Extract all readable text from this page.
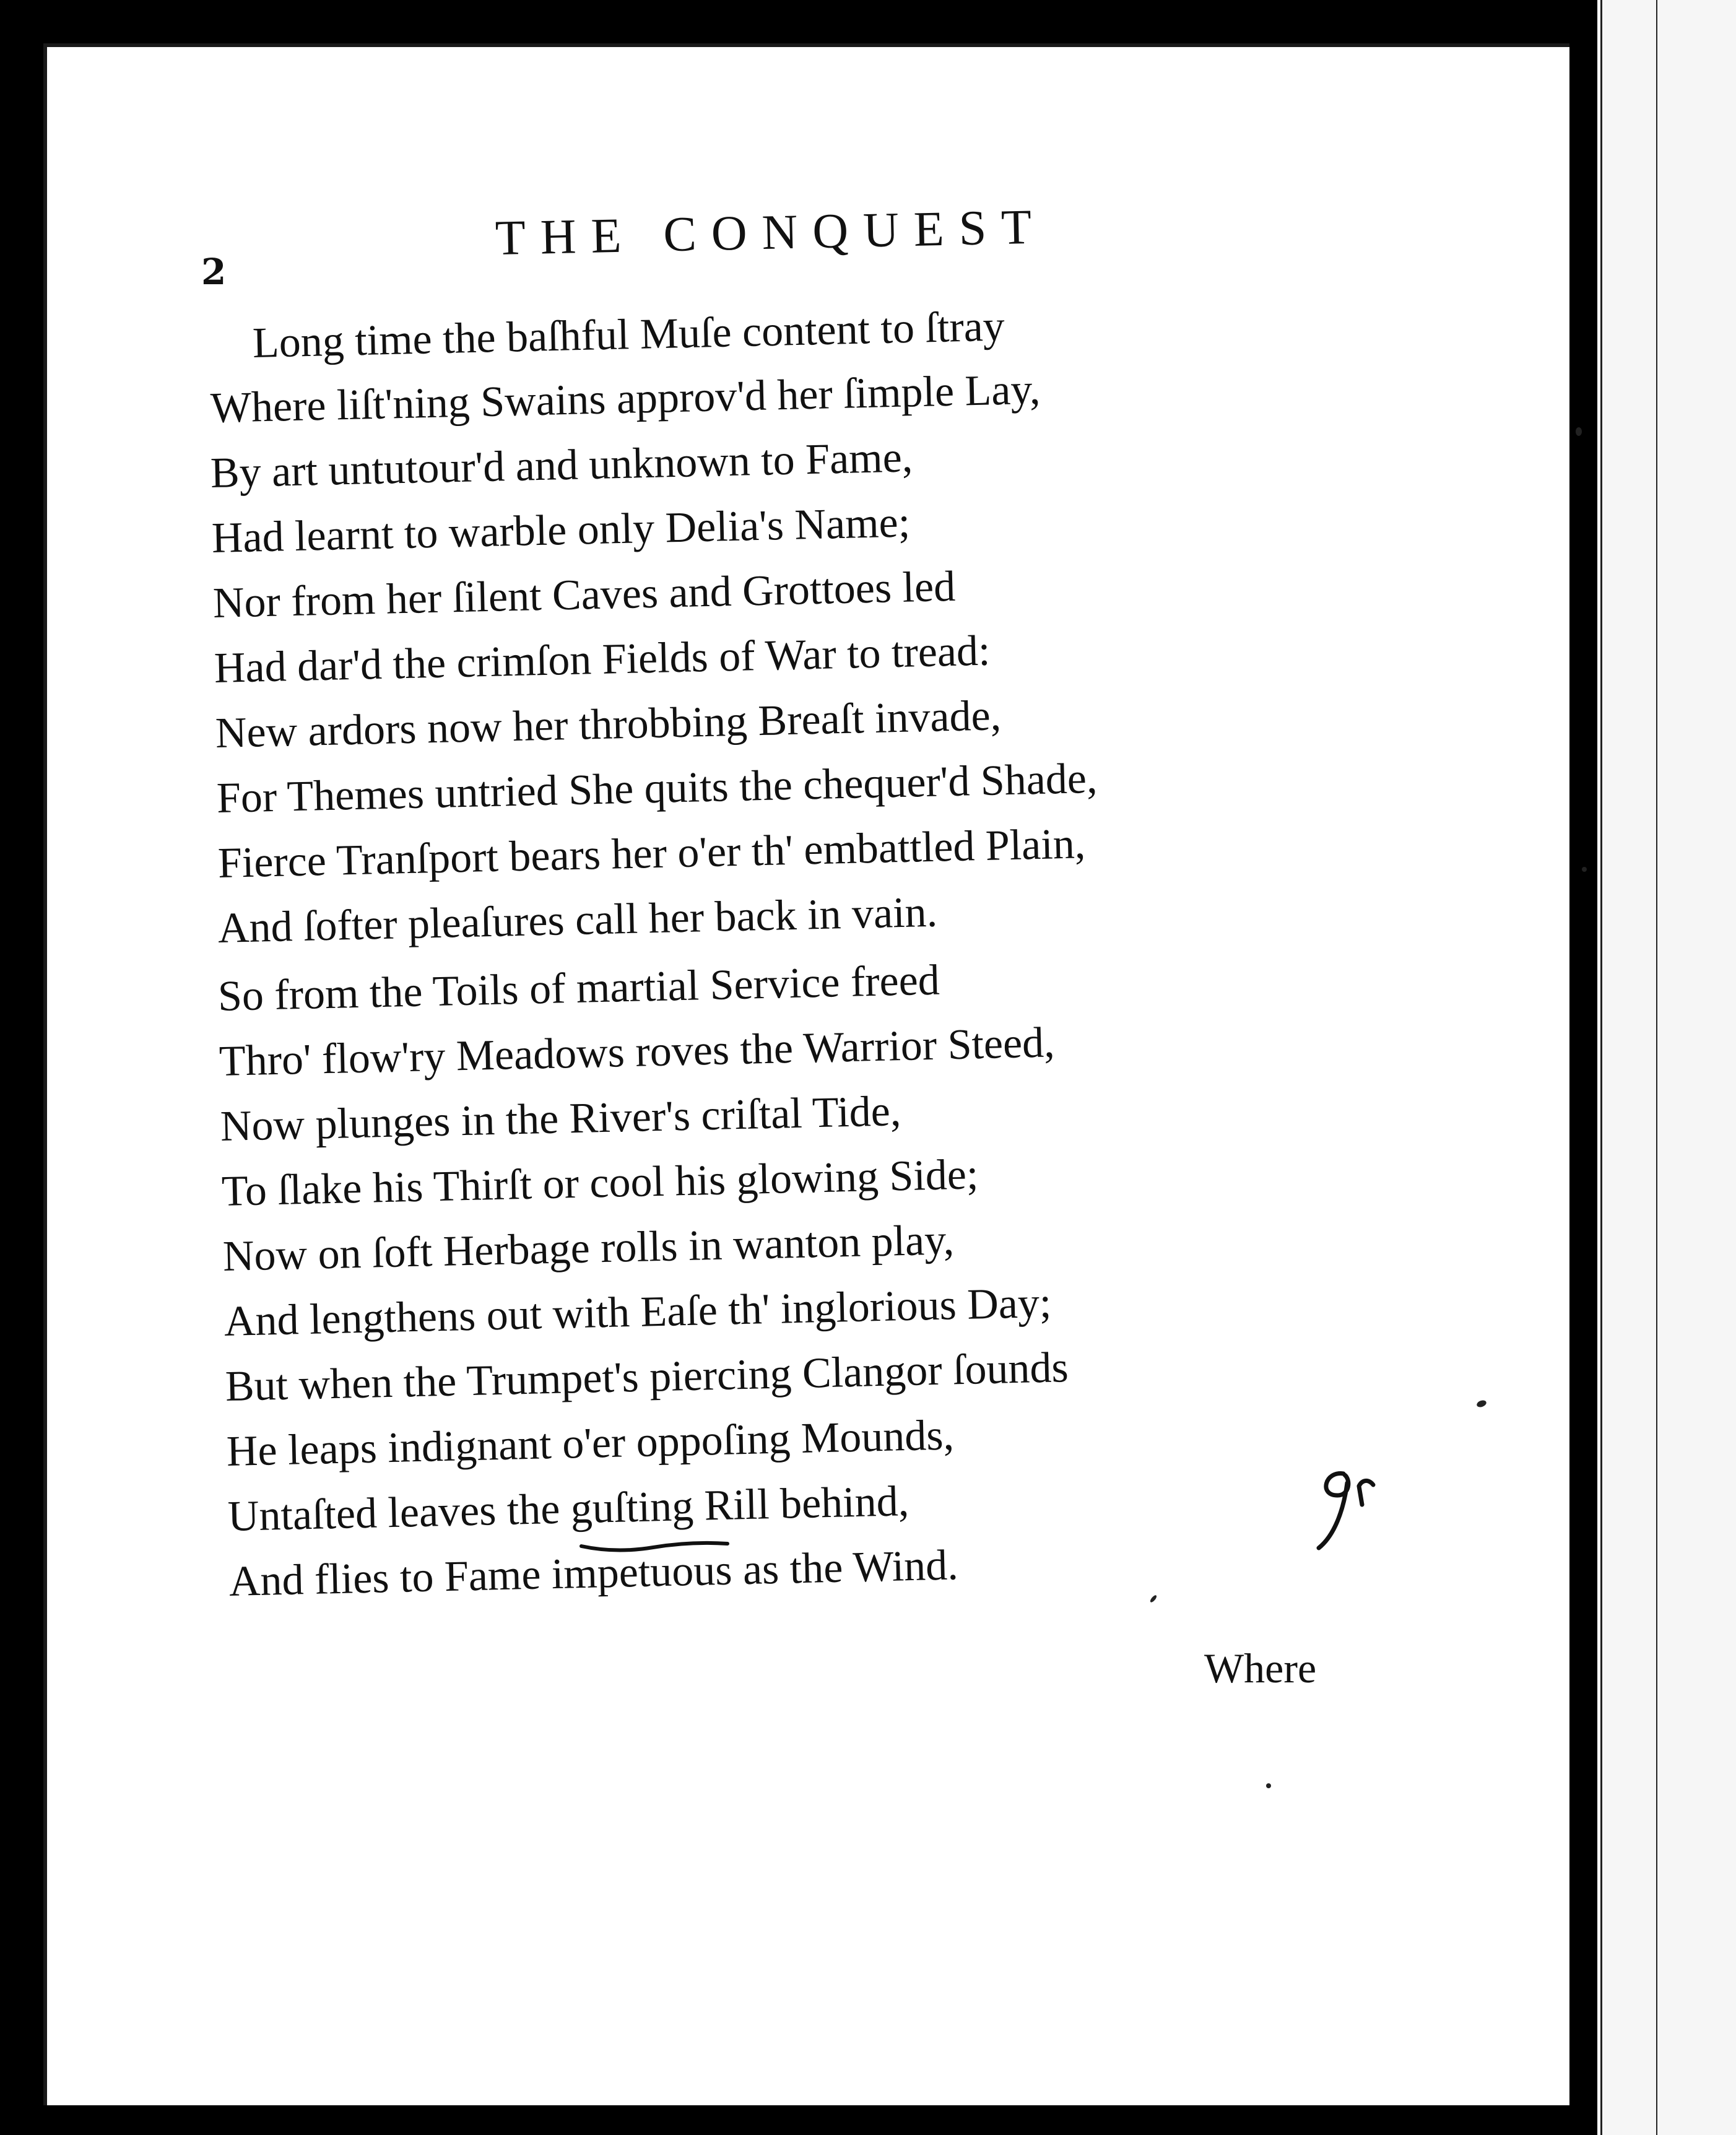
2

THE CONQUEST
Long time the baſhful Muſe content to ſtray
Where liſt'ning Swains approv'd her ſimple Lay,
By art untutour'd and unknown to Fame,
Had learnt to warble only Delia's Name;
Nor from her ſilent Caves and Grottoes led
Had dar'd the crimſon Fields of War to tread:
New ardors now her throbbing Breaſt invade,
For Themes untried She quits the chequer'd Shade,
Fierce Tranſport bears her o'er th' embattled Plain,
And ſofter pleaſures call her back in vain.
So from the Toils of martial Service freed
Thro' flow'ry Meadows roves the Warrior Steed,
Now plunges in the River's criſtal Tide,
To ſlake his Thirſt or cool his glowing Side;
Now on ſoft Herbage rolls in wanton play,
And lengthens out with Eaſe th' inglorious Day;
But when the Trumpet's piercing Clangor ſounds
He leaps indignant o'er oppoſing Mounds,
Untaſted leaves the guſting Rill behind,
And flies to Fame impetuous as the Wind.

Where
